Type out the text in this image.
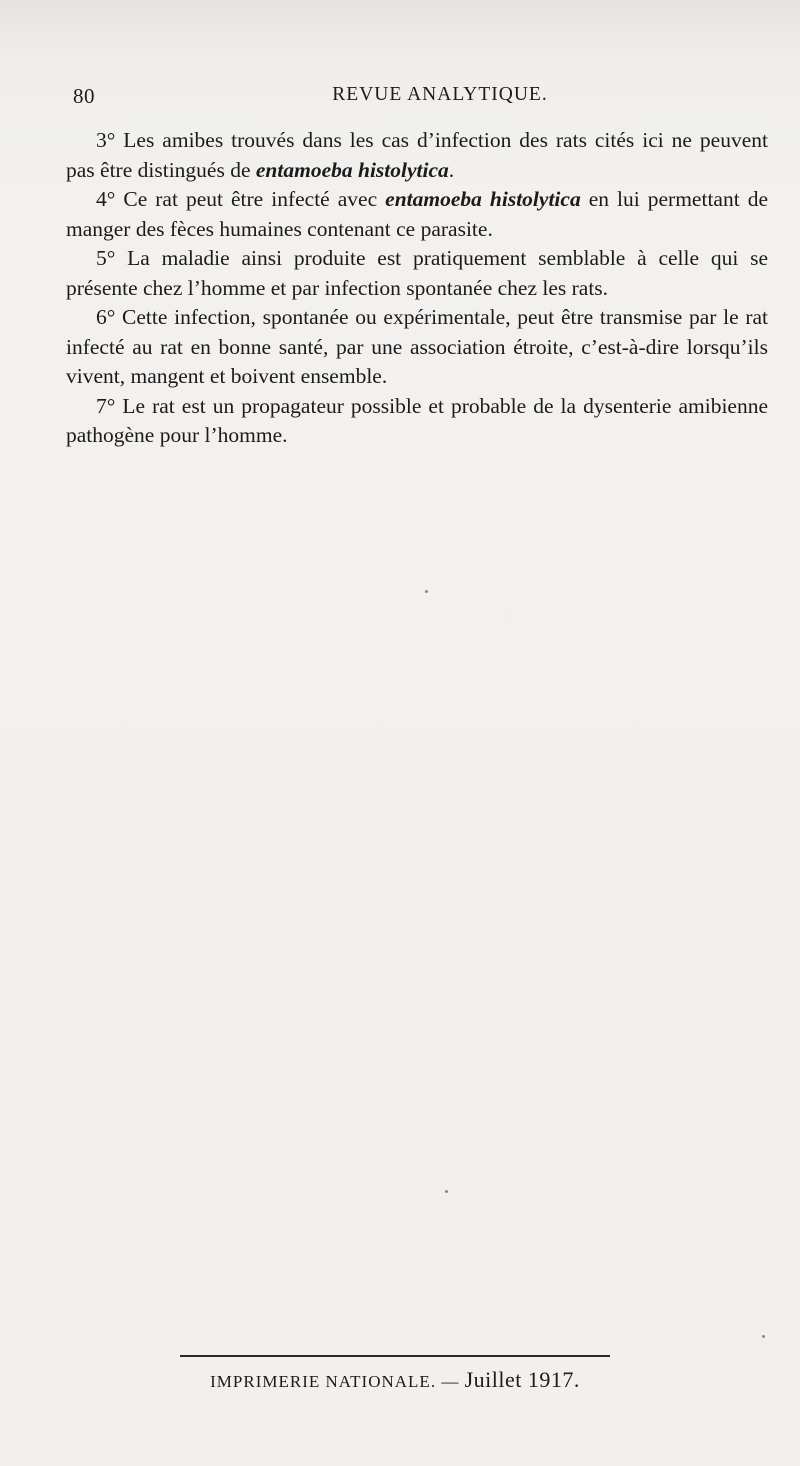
80	REVUE ANALYTIQUE.

3° Les amibes trouvés dans les cas d’infection des rats cités ici ne peuvent pas être distingués de entamoeba histolytica.

4° Ce rat peut être infecté avec entamoeba histolytica en lui permettant de manger des fèces humaines contenant ce parasite.

5° La maladie ainsi produite est pratiquement semblable à celle qui se présente chez l’homme et par infection spontanée chez les rats.

6° Cette infection, spontanée ou expérimentale, peut être transmise par le rat infecté au rat en bonne santé, par une association étroite, c’est-à-dire lorsqu’ils vivent, mangent et boivent ensemble.

7° Le rat est un propagateur possible et probable de la dysenterie amibienne pathogène pour l’homme.

IMPRIMERIE NATIONALE. — Juillet 1917.
